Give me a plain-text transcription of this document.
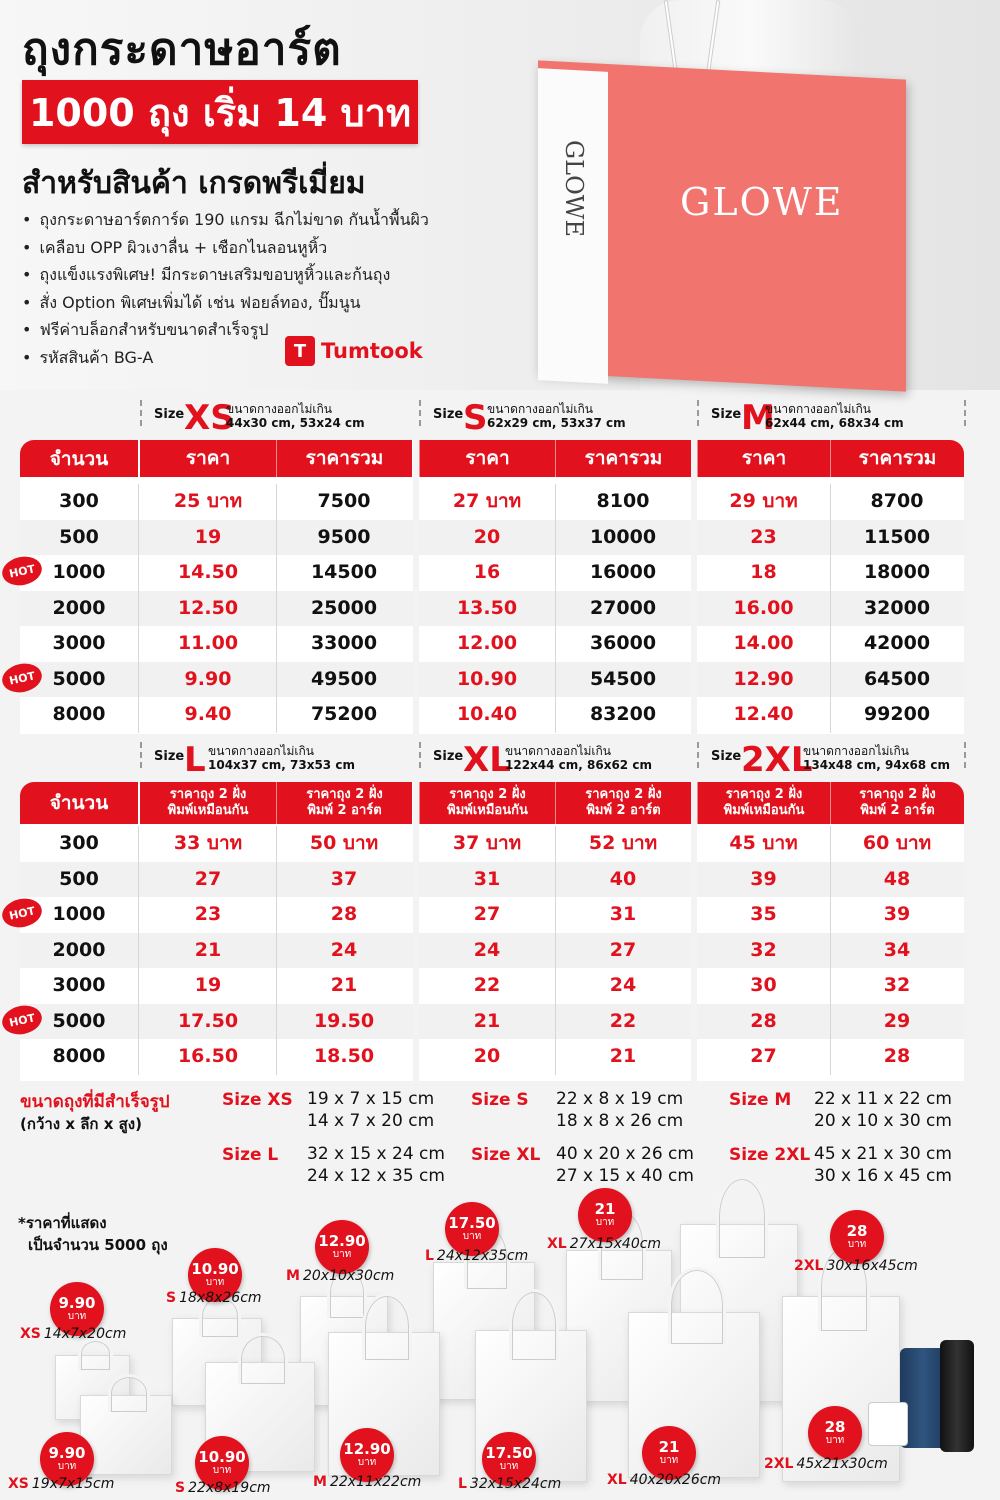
ถุงกระดาษอาร์ต
1000 ถุง เริ่ม 14 บาท
สำหรับสินค้า เกรดพรีเมี่ยม
• ถุงกระดาษอาร์ตการ์ด 190 แกรม ฉีกไม่ขาด กันน้ำพื้นผิว
• เคลือบ OPP ผิวเงาลื่น + เชือกไนลอนหูหิ้ว
• ถุงแข็งแรงพิเศษ! มีกระดาษเสริมขอบหูหิ้วและก้นถุง
• สั่ง Option พิเศษเพิ่มได้ เช่น ฟอยล์ทอง, ปั๊มนูน
• ฟรีค่าบล็อกสำหรับขนาดสำเร็จรูป
• รหัสสินค้า BG-A	T Tumtook
GLOWE
GLOWE
จำนวน	ราคา	ราคารวม	ราคา	ราคารวม	ราคา	ราคารวม
Size XS
ขนาดกางออกไม่เกิน
44x30 cm, 53x24 cm
Size S ขนาดกางออกไม่เกิน
62x29 cm, 53x37 cm
Size M
ขนาดกางออกไม่เกิน
62x44 cm, 68x34 cm
300	25 บาท	7500	27 บาท	8100	29 บาท	8700
500	19	9500	20	10000	23	11500
1000	14.50	14500	16	16000	18	18000
HOT
2000	12.50	25000	13.50	27000	16.00	32000
3000	11.00	33000	12.00	36000	14.00	42000
5000	9.90	49500	10.90	54500	12.90	64500
HOT
8000	9.40	75200	10.40	83200	12.40	99200
จำนวน	ราคาถุง 2 ฝั่ง
พิมพ์เหมือนกัน
ราคาถุง 2 ฝั่ง
พิมพ์ 2 อาร์ต
ราคาถุง 2 ฝั่ง
พิมพ์เหมือนกัน
ราคาถุง 2 ฝั่ง
พิมพ์ 2 อาร์ต
ราคาถุง 2 ฝั่ง
พิมพ์เหมือนกัน
ราคาถุง 2 ฝั่ง
พิมพ์ 2 อาร์ต
Size L ขนาดกางออกไม่เกิน
104x37 cm, 73x53 cm
Size XL
ขนาดกางออกไม่เกิน
122x44 cm, 86x62 cm
Size 2XL
ขนาดกางออกไม่เกิน
134x48 cm, 94x68 cm
300	33 บาท	50 บาท	37 บาท	52 บาท	45 บาท	60 บาท
500	27	37	31	40	39	48
1000	23	28	27	31	35	39
HOT
2000	21	24	24	27	32	34
3000	19	21	22	24	30	32
5000	17.50	19.50	21	22	28	29
HOT
8000	16.50	18.50	20	21	27	28
ขนาดถุงที่มีสำเร็จรูป
(กว้าง x ลึก x สูง)
Size XS 19 x 7 x 15 cm
14 x 7 x 20 cm
Size S 22 x 8 x 19 cm
18 x 8 x 26 cm
Size M 22 x 11 x 22 cm
20 x 10 x 30 cm
Size L 32 x 15 x 24 cm
24 x 12 x 35 cm
Size XL 40 x 20 x 26 cm
27 x 15 x 40 cm
Size 2XL 45 x 21 x 30 cm
30 x 16 x 45 cm
*ราคาที่แสดง
เป็นจำนวน 5000 ถุง
9.90
บาท
XS 14x7x20cm
10.90
บาท
S 18x8x26cm
12.90
บาท
M 20x10x30cm
17.50
บาท
L 24x12x35cm
21
บาท
XL 27x15x40cm
28
บาท
2XL 30x16x45cm
9.90
บาท
XS 19x7x15cm
10.90
บาท
S 22x8x19cm
12.90
บาท
M 22x11x22cm
17.50
บาท
L 32x15x24cm
21
บาท
XL 40x20x26cm
28
บาท
2XL 45x21x30cm
